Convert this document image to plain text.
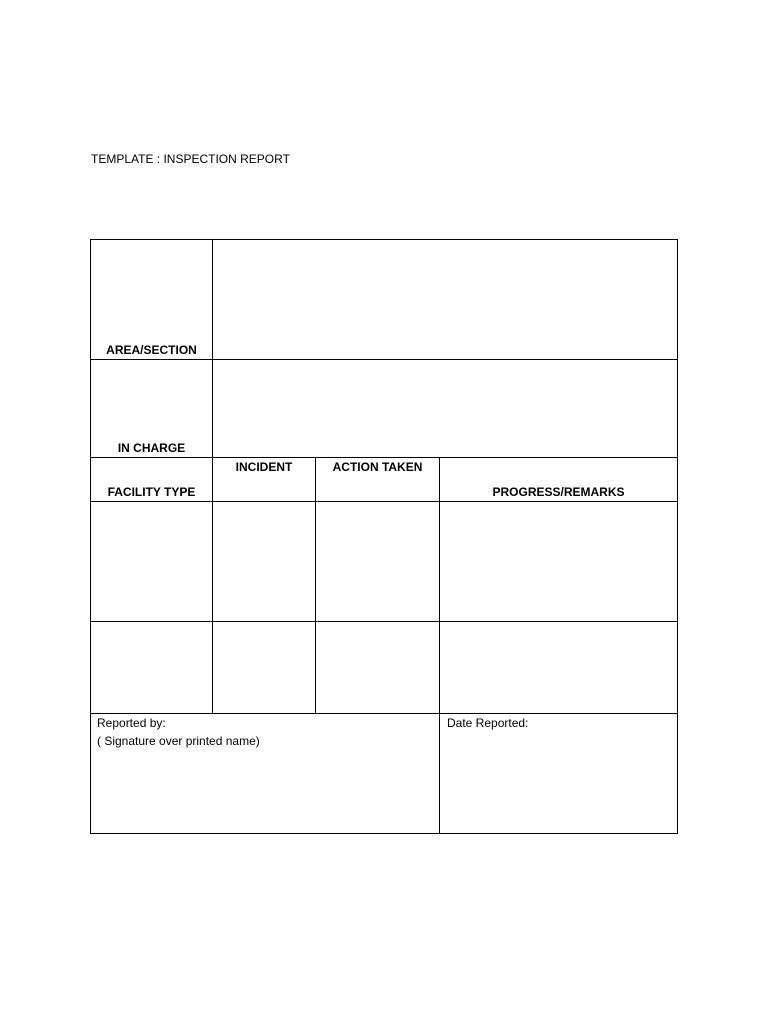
TEMPLATE : INSPECTION REPORT
AREA/SECTION
IN CHARGE
FACILITY TYPE
INCIDENT	ACTION TAKEN
PROGRESS/REMARKS
Reported by:
( Signature over printed name)
Date Reported:
